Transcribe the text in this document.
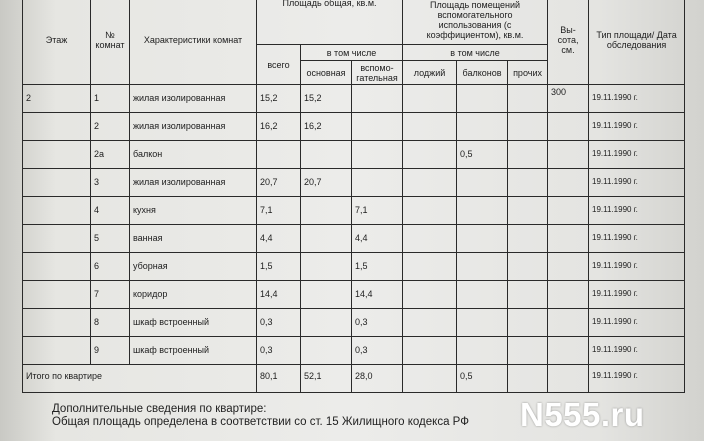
Этаж	№ комнат	Характеристики комнат	Площадь общая, кв.м.			Площадь помещений вспомогательного использования (с коэффициентом), кв.м.			Вы-сота, см.	Тип площади/ Дата обследования
			всего	в том числе		в том числе				
				основная	вспомо-гательная	лоджий	балконов	прочих		
2	1	жилая изолированная	15,2	15,2					300	19.11.1990 г.
	2	жилая изолированная	16,2	16,2						19.11.1990 г.
	2а	балкон					0,5			19.11.1990 г.
	3	жилая изолированная	20,7	20,7						19.11.1990 г.
	4	кухня	7,1		7,1					19.11.1990 г.
	5	ванная	4,4		4,4					19.11.1990 г.
	6	уборная	1,5		1,5					19.11.1990 г.
	7	коридор	14,4		14,4					19.11.1990 г.
	8	шкаф встроенный	0,3		0,3					19.11.1990 г.
	9	шкаф встроенный	0,3		0,3					19.11.1990 г.
Итого по квартире			80,1	52,1	28,0		0,5			19.11.1990 г.
Дополнительные сведения по квартире:
Общая площадь определена в соответствии со ст. 15 Жилищного кодекса РФ N555.ru
